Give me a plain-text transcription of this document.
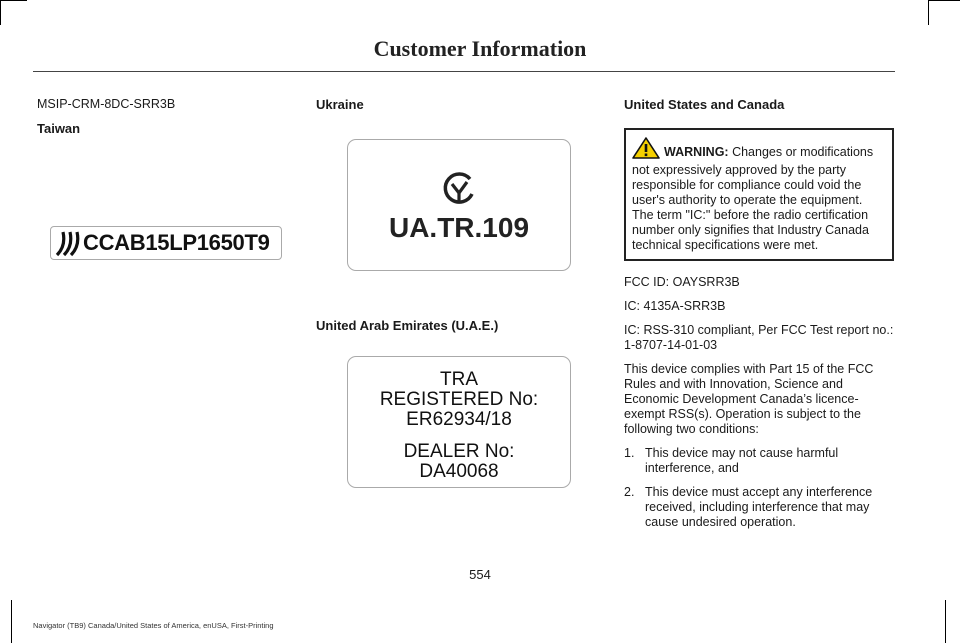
Customer Information

MSIP-CRM-8DC-SRR3B

Taiwan

CCAB15LP1650T9

Ukraine

UA.TR.109
United Arab Emirates (U.A.E.)
TRA
REGISTERED No:
ER62934/18
DEALER No:
DA40068

United States and Canada

WARNING: Changes or modifications not expressively approved by the party responsible for compliance could void the user's authority to operate the equipment. The term "IC:" before the radio certification number only signifies that Industry Canada technical specifications were met.

FCC ID: OAYSRR3B

IC: 4135A-SRR3B

IC: RSS-310 compliant, Per FCC Test report no.: 1-8707-14-01-03

This device complies with Part 15 of the FCC Rules and with Innovation, Science and Economic Development Canada’s licence-exempt RSS(s). Operation is subject to the following two conditions:

1. This device may not cause harmful interference, and
2. This device must accept any interference received, including interference that may cause undesired operation.
554
Navigator (TB9) Canada/United States of America, enUSA, First-Printing
